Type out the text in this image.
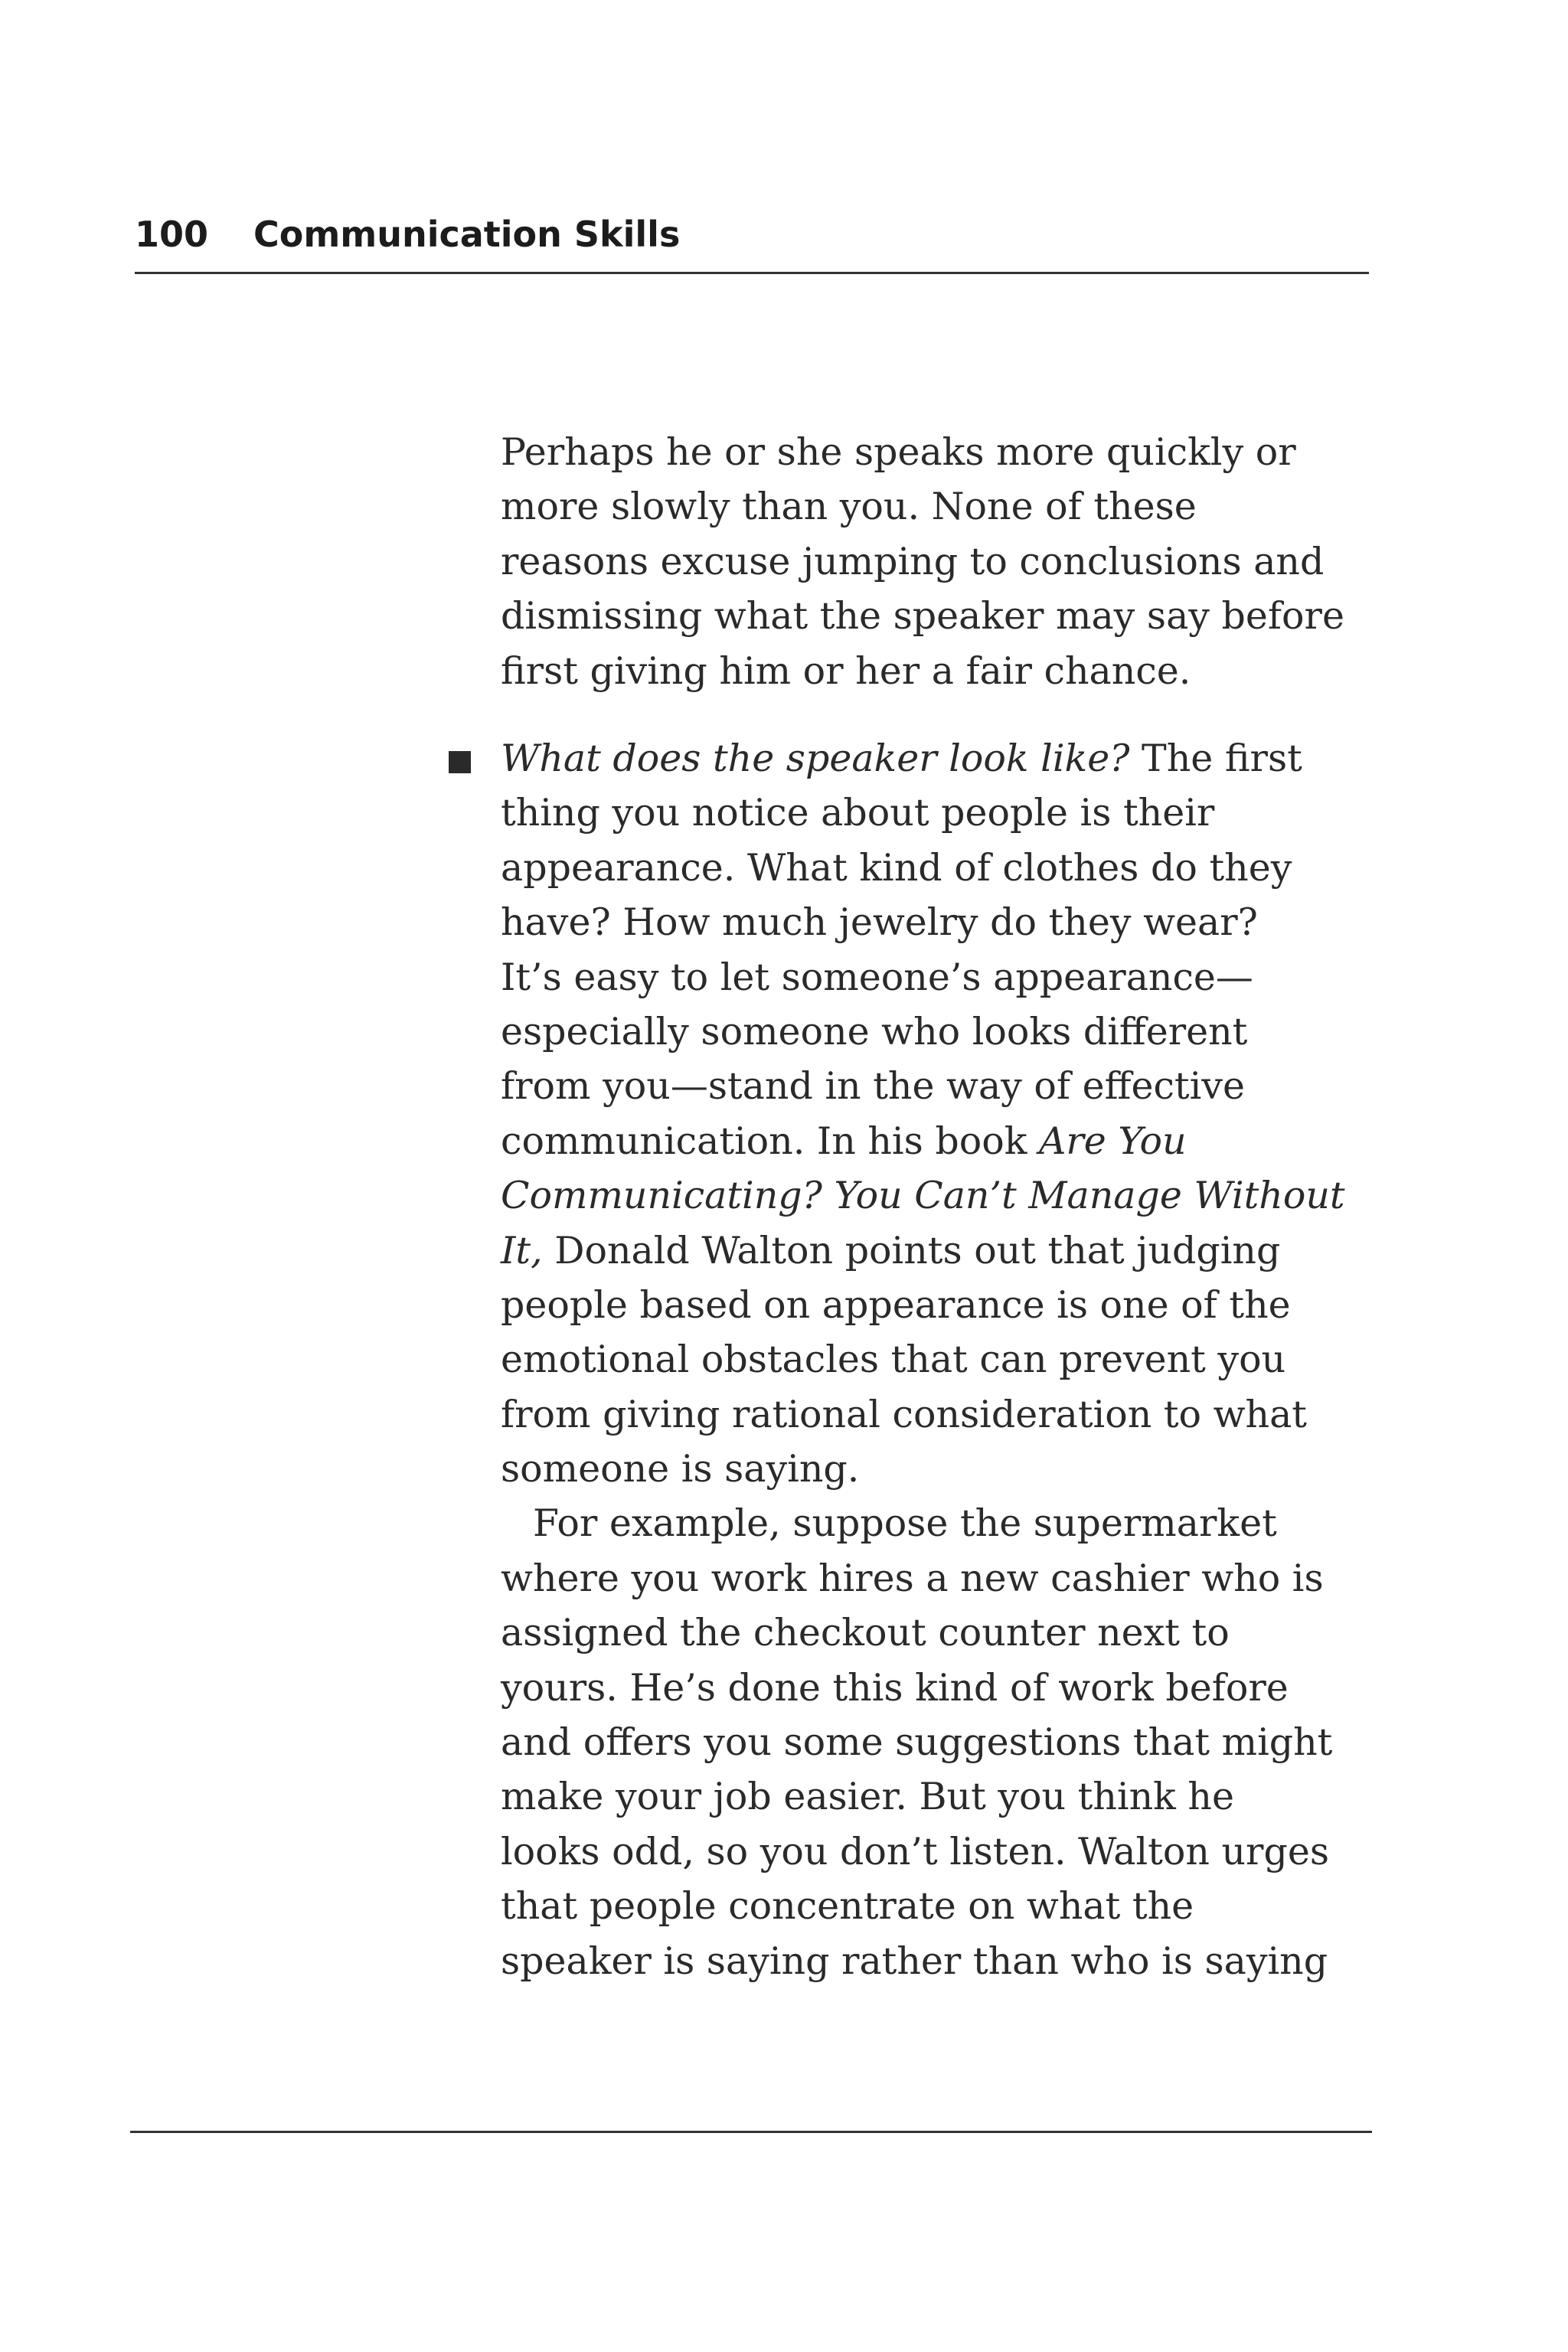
100 Communication Skills
Perhaps he or she speaks more quickly or
more slowly than you. None of these
reasons excuse jumping to conclusions and
dismissing what the speaker may say before
first giving him or her a fair chance.
What does the speaker look like? The first
thing you notice about people is their
appearance. What kind of clothes do they
have? How much jewelry do they wear?
It’s easy to let someone’s appearance—
especially someone who looks different
from you—stand in the way of effective
communication. In his book Are You
Communicating? You Can’t Manage Without
It, Donald Walton points out that judging
people based on appearance is one of the
emotional obstacles that can prevent you
from giving rational consideration to what
someone is saying.
For example, suppose the supermarket
where you work hires a new cashier who is
assigned the checkout counter next to
yours. He’s done this kind of work before
and offers you some suggestions that might
make your job easier. But you think he
looks odd, so you don’t listen. Walton urges
that people concentrate on what the
speaker is saying rather than who is saying
